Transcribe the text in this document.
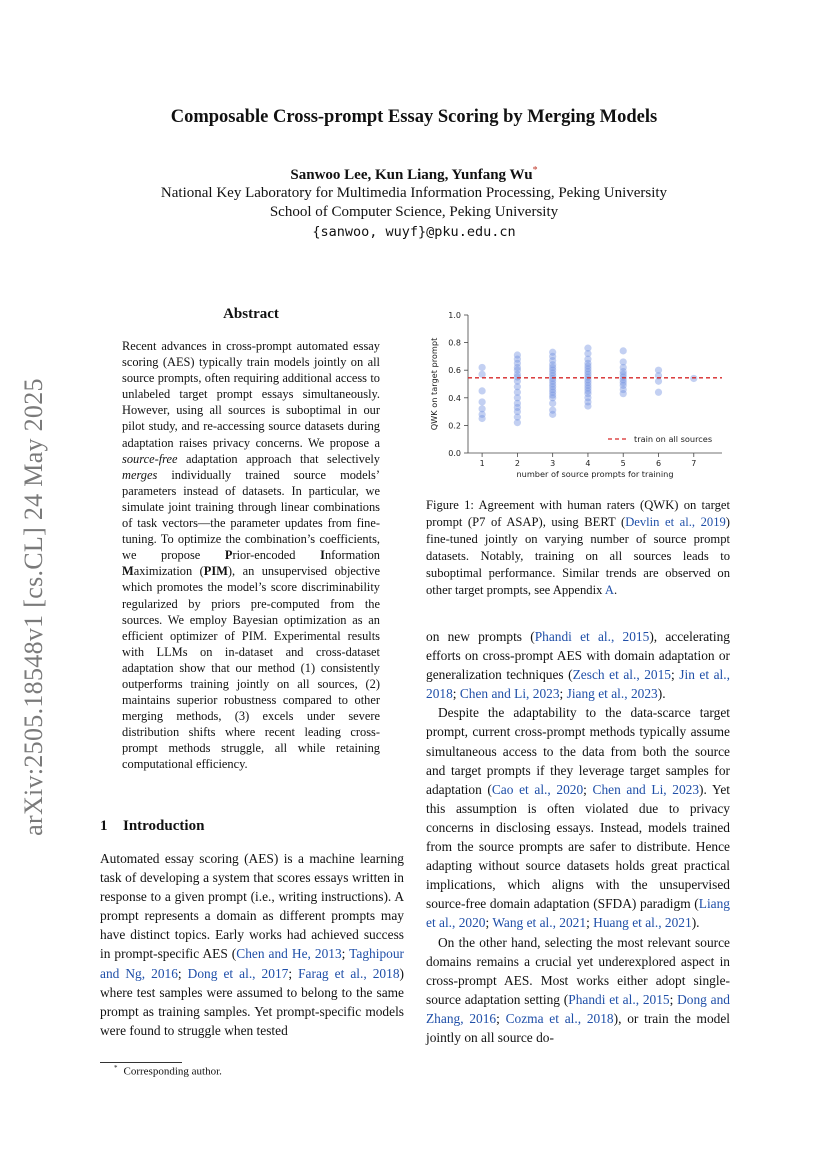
arXiv:2505.18548v1 [cs.CL] 24 May 2025
Composable Cross-prompt Essay Scoring by Merging Models
Sanwoo Lee, Kun Liang, Yunfang Wu*
National Key Laboratory for Multimedia Information Processing, Peking University
School of Computer Science, Peking University
{sanwoo, wuyf}@pku.edu.cn
Abstract
Recent advances in cross-prompt automated essay scoring (AES) typically train models jointly on all source prompts, often requiring additional access to unlabeled target prompt essays simultaneously. However, using all sources is suboptimal in our pilot study, and re-accessing source datasets during adaptation raises privacy concerns. We propose a source-free adaptation approach that selectively merges individually trained source models’ parameters instead of datasets. In particular, we simulate joint training through linear combinations of task vectors—the parameter updates from fine-tuning. To optimize the combination’s coefficients, we propose Prior-encoded Information Maximization (PIM), an unsupervised objective which promotes the model’s score discriminability regularized by priors pre-computed from the sources. We employ Bayesian optimization as an efficient optimizer of PIM. Experimental results with LLMs on in-dataset and cross-dataset adaptation show that our method (1) consistently outperforms training jointly on all sources, (2) maintains superior robustness compared to other merging methods, (3) excels under severe distribution shifts where recent leading cross-prompt methods struggle, all while retaining computational efficiency.
1 Introduction
Automated essay scoring (AES) is a machine learning task of developing a system that scores essays written in response to a given prompt (i.e., writing instructions). A prompt represents a domain as different prompts may have distinct topics. Early works had achieved success in prompt-specific AES (Chen and He, 2013; Taghipour and Ng, 2016; Dong et al., 2017; Farag et al., 2018) where test samples were assumed to belong to the same prompt as training samples. Yet prompt-specific models were found to struggle when tested
* Corresponding author.
0.0
0.2
0.4
0.6
0.8
1.0
1	2	3	4	5	6	7
number of source prompts for training
QWK on target prompt
train on all sources
Figure 1: Agreement with human raters (QWK) on target prompt (P7 of ASAP), using BERT (Devlin et al., 2019) fine-tuned jointly on varying number of source prompt datasets. Notably, training on all sources leads to suboptimal performance. Similar trends are observed on other target prompts, see Appendix A.

on new prompts (Phandi et al., 2015), accelerating efforts on cross-prompt AES with domain adaptation or generalization techniques (Zesch et al., 2015; Jin et al., 2018; Chen and Li, 2023; Jiang et al., 2023).

Despite the adaptability to the data-scarce target prompt, current cross-prompt methods typically assume simultaneous access to the data from both the source and target prompts if they leverage target samples for adaptation (Cao et al., 2020; Chen and Li, 2023). Yet this assumption is often violated due to privacy concerns in disclosing essays. Instead, models trained from the source prompts are safer to distribute. Hence adapting without source datasets holds great practical implications, which aligns with the unsupervised source-free domain adaptation (SFDA) paradigm (Liang et al., 2020; Wang et al., 2021; Huang et al., 2021).

On the other hand, selecting the most relevant source domains remains a crucial yet underexplored aspect in cross-prompt AES. Most works either adopt single-source adaptation setting (Phandi et al., 2015; Dong and Zhang, 2016; Cozma et al., 2018), or train the model jointly on all source do-
